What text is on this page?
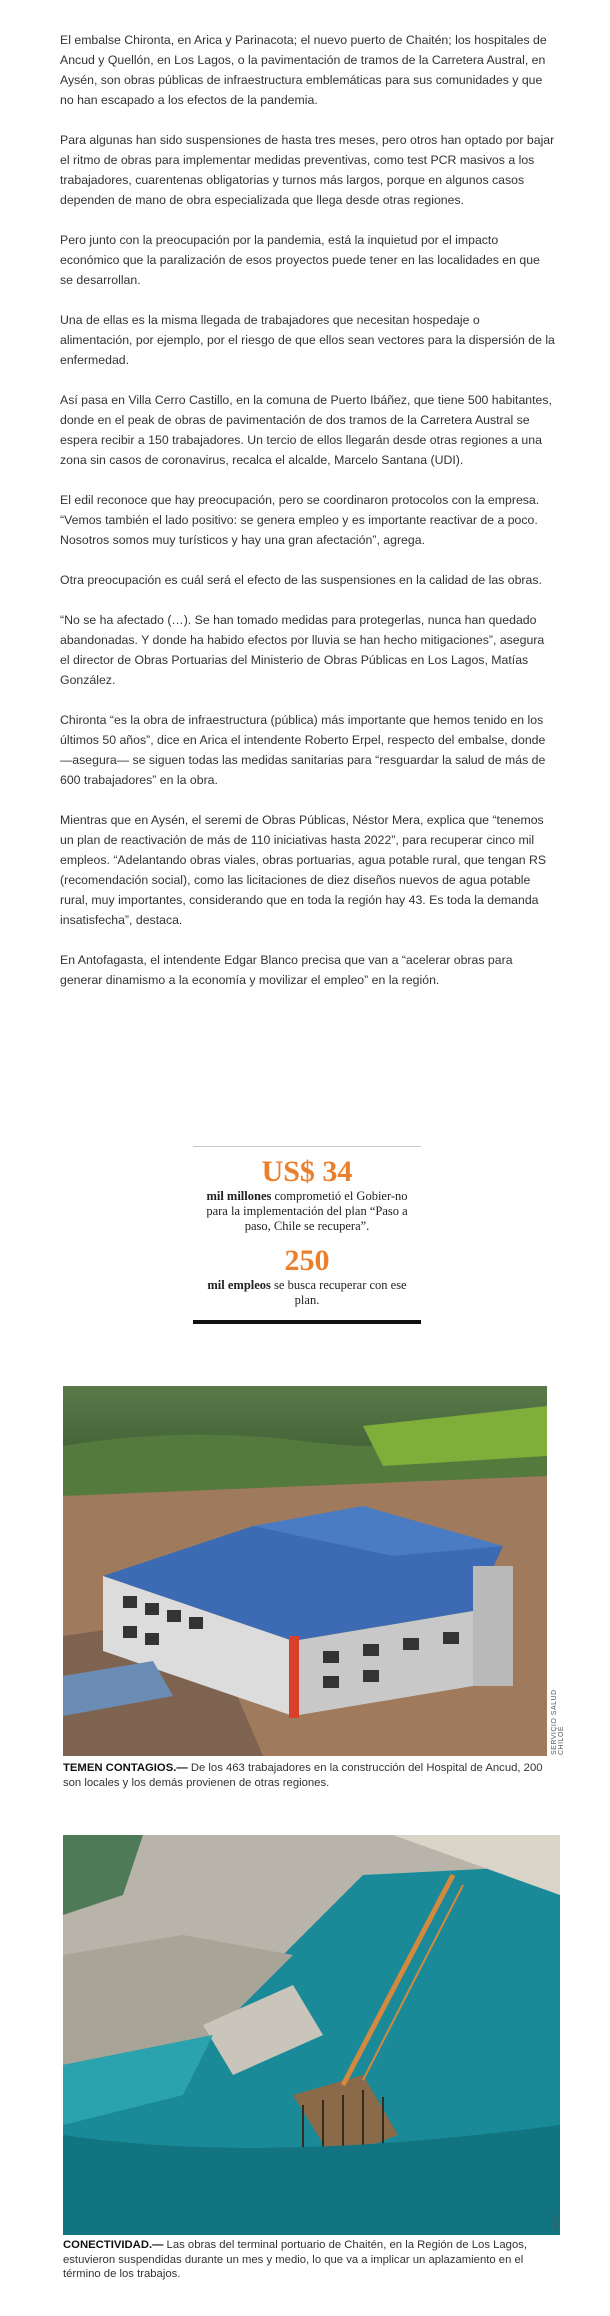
El embalse Chironta, en Arica y Parinacota; el nuevo puerto de Chaitén; los hospitales de Ancud y Quellón, en Los Lagos, o la pavimentación de tramos de la Carretera Austral, en Aysén, son obras públicas de infraestructura emblemáticas para sus comunidades y que no han escapado a los efectos de la pandemia.

Para algunas han sido suspensiones de hasta tres meses, pero otros han optado por bajar el ritmo de obras para implementar medidas preventivas, como test PCR masivos a los trabajadores, cuarentenas obligatorias y turnos más largos, porque en algunos casos dependen de mano de obra especializada que llega desde otras regiones.

Pero junto con la preocupación por la pandemia, está la inquietud por el impacto económico que la paralización de esos proyectos puede tener en las localidades en que se desarrollan.

Una de ellas es la misma llegada de trabajadores que necesitan hospedaje o alimentación, por ejemplo, por el riesgo de que ellos sean vectores para la dispersión de la enfermedad.

Así pasa en Villa Cerro Castillo, en la comuna de Puerto Ibáñez, que tiene 500 habitantes, donde en el peak de obras de pavimentación de dos tramos de la Carretera Austral se espera recibir a 150 trabajadores. Un tercio de ellos llegarán desde otras regiones a una zona sin casos de coronavirus, recalca el alcalde, Marcelo Santana (UDI).

El edil reconoce que hay preocupación, pero se coordinaron protocolos con la empresa. “Vemos también el lado positivo: se genera empleo y es importante reactivar de a poco. Nosotros somos muy turísticos y hay una gran afectación”, agrega.

Otra preocupación es cuál será el efecto de las suspensiones en la calidad de las obras.

“No se ha afectado (…). Se han tomado medidas para protegerlas, nunca han quedado abandonadas. Y donde ha habido efectos por lluvia se han hecho mitigaciones”, asegura el director de Obras Portuarias del Ministerio de Obras Públicas en Los Lagos, Matías González.

Chironta “es la obra de infraestructura (pública) más importante que hemos tenido en los últimos 50 años”, dice en Arica el intendente Roberto Erpel, respecto del embalse, donde —asegura— se siguen todas las medidas sanitarias para “resguardar la salud de más de 600 trabajadores” en la obra.

Mientras que en Aysén, el seremi de Obras Públicas, Néstor Mera, explica que “tenemos un plan de reactivación de más de 110 iniciativas hasta 2022”, para recuperar cinco mil empleos. “Adelantando obras viales, obras portuarias, agua potable rural, que tengan RS (recomendación social), como las licitaciones de diez diseños nuevos de agua potable rural, muy importantes, considerando que en toda la región hay 43. Es toda la demanda insatisfecha”, destaca.

En Antofagasta, el intendente Edgar Blanco precisa que van a “acelerar obras para generar dinamismo a la economía y movilizar el empleo” en la región.

US$ 34
mil millones comprometió el Gobier-no para la implementación del plan “Paso a paso, Chile se recupera”.
250
mil empleos se busca recuperar con ese plan.
SERVICIO SALUD CHILOÉ
TEMEN CONTAGIOS.— De los 463 trabajadores en la construcción del Hospital de Ancud, 200 son locales y los demás provienen de otras regiones.
MOP
CONECTIVIDAD.— Las obras del terminal portuario de Chaitén, en la Región de Los Lagos, estuvieron suspendidas durante un mes y medio, lo que va a implicar un aplazamiento en el término de los trabajos.
